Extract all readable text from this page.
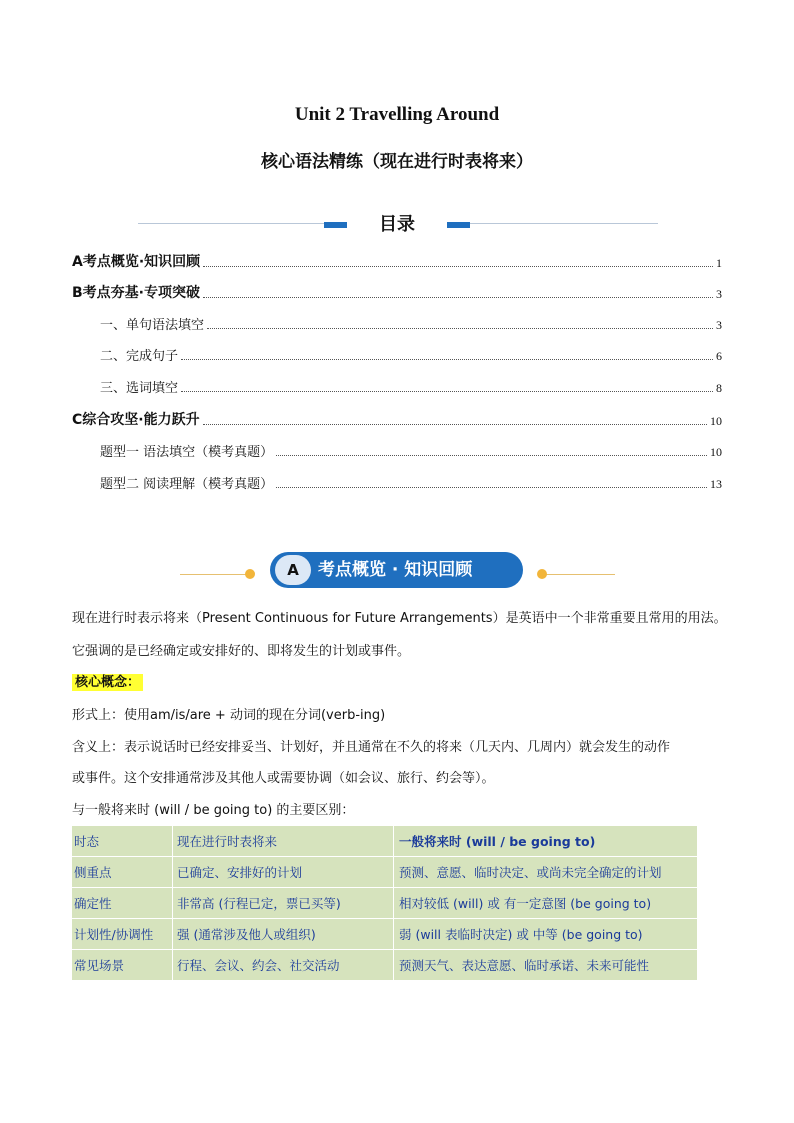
Unit 2 Travelling Around
核心语法精练（现在进行时表将来）
目录
A考点概览·知识回顾	1
B考点夯基·专项突破	3
一、单句语法填空	3
二、完成句子	6
三、选词填空	8
C综合攻坚·能力跃升	10
题型一 语法填空（模考真题）	10
题型二 阅读理解（模考真题）	13
A	考点概览 · 知识回顾
现在进行时表示将来（Present Continuous for Future Arrangements）是英语中一个非常重要且常用的用法。
它强调的是已经确定或安排好的、即将发生的计划或事件。
核心概念：
形式上：使用am/is/are + 动词的现在分词(verb-ing)
含义上：表示说话时已经安排妥当、计划好，并且通常在不久的将来（几天内、几周内）就会发生的动作
或事件。这个安排通常涉及其他人或需要协调（如会议、旅行、约会等）。
与一般将来时 (will / be going to) 的主要区别：
时态	现在进行时表将来	一般将来时 (will / be going to)
侧重点	已确定、安排好的计划	预测、意愿、临时决定、或尚未完全确定的计划
确定性	非常高 (行程已定，票已买等)	相对较低 (will) 或 有一定意图 (be going to)
计划性/协调性	强 (通常涉及他人或组织)	弱 (will 表临时决定) 或 中等 (be going to)
常见场景	行程、会议、约会、社交活动	预测天气、表达意愿、临时承诺、未来可能性
